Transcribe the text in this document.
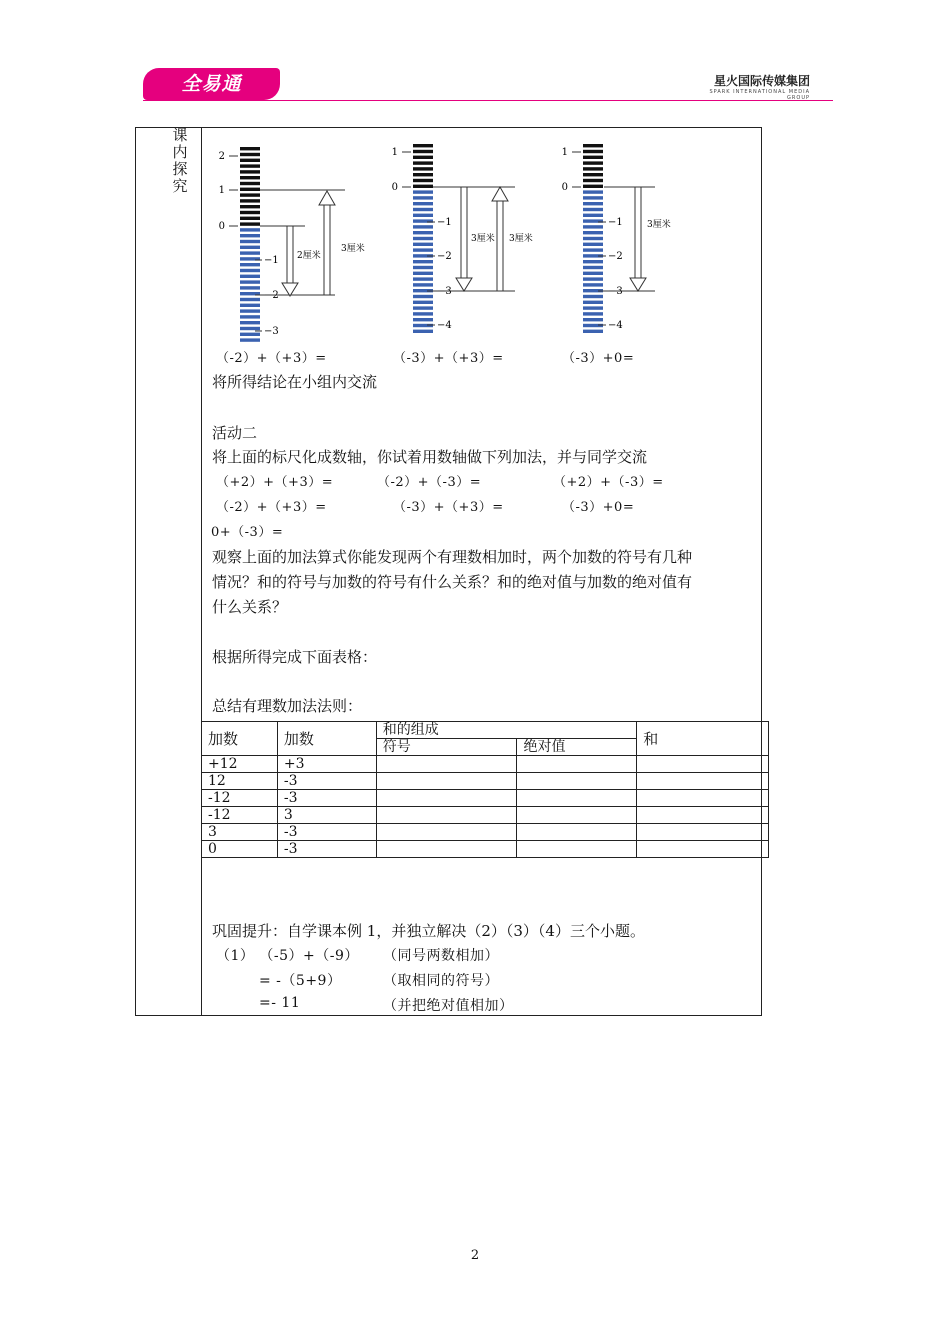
全易通	星火国际传媒集团
SPARK INTERNATIONAL MEDIA GROUP
课
内
探
究
2
1
0
−1
−2
−3
2厘米
3厘米
1
0
−1
−2
−3
−4
3厘米 3厘米
1
0
−1
−2
−3
−4
3厘米
（-2）+（+3）=	（-3）+（+3）=	（-3）+0=
将所得结论在小组内交流
活动二
将上面的标尺化成数轴，你试着用数轴做下列加法，并与同学交流
（+2）+（+3）=	（-2）+（-3）=	（+2）+（-3）=
（-2）+（+3）=	（-3）+（+3）=	（-3）+0=
0+（-3）=
观察上面的加法算式你能发现两个有理数相加时，两个加数的符号有几种
情况？和的符号与加数的符号有什么关系？和的绝对值与加数的绝对值有
什么关系？
根据所得完成下面表格：
总结有理数加法法则：
加数	加数	和的组成		和
		符号	绝对值	
+12	+3			
12	-3			
-12	-3			
-12	3			
3	-3			
0	-3			
巩固提升：自学课本例 1，并独立解决（2）（3）（4）三个小题。
（1） （-5）+（-9） （同号两数相加）
= -（5+9）	（取相同的符号）
=- 11	（并把绝对值相加）
2
